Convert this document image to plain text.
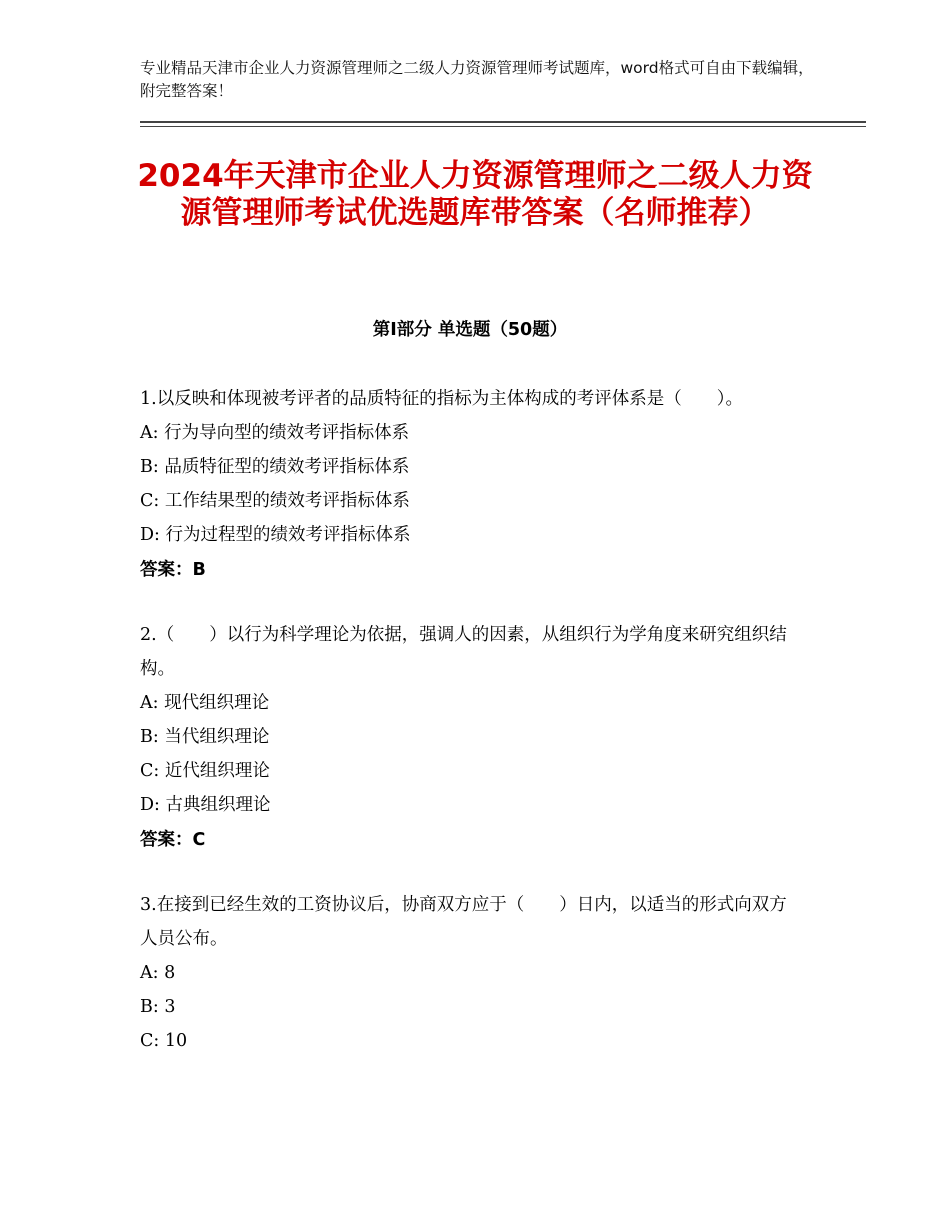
专业精品天津市企业人力资源管理师之二级人力资源管理师考试题库，word格式可自由下载编辑，附完整答案！
2024年天津市企业人力资源管理师之二级人力资源管理师考试优选题库带答案（名师推荐）
第Ⅰ部分 单选题（50题）

1.以反映和体现被考评者的品质特征的指标为主体构成的考评体系是（　　）。

A: 行为导向型的绩效考评指标体系

B: 品质特征型的绩效考评指标体系

C: 工作结果型的绩效考评指标体系

D: 行为过程型的绩效考评指标体系

答案：B

2.（　　）以行为科学理论为依据，强调人的因素，从组织行为学角度来研究组织结构。

A: 现代组织理论

B: 当代组织理论

C: 近代组织理论

D: 古典组织理论

答案：C

3.在接到已经生效的工资协议后，协商双方应于（　　）日内，以适当的形式向双方人员公布。

A: 8

B: 3

C: 10
